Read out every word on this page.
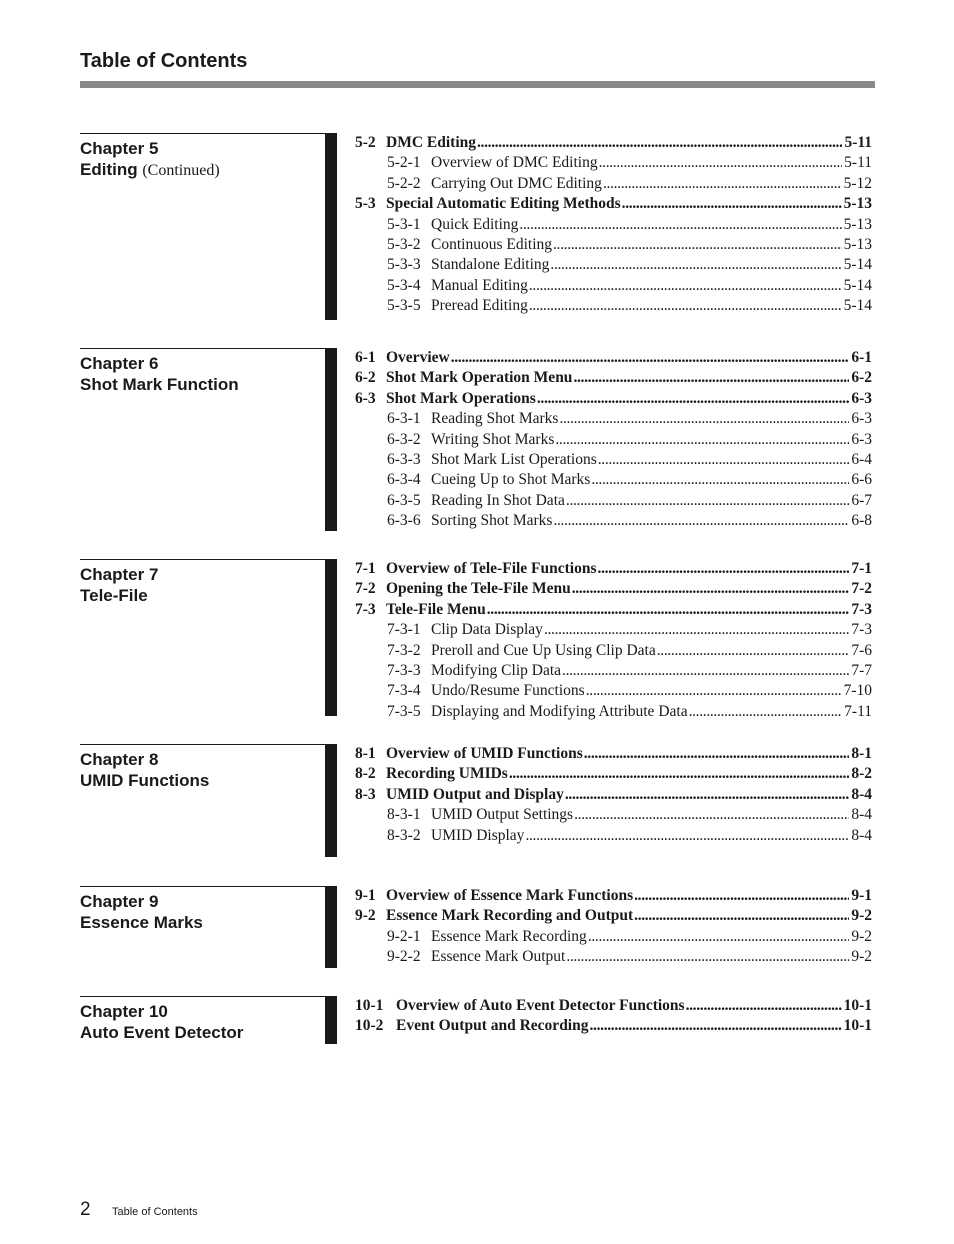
Table of Contents
Chapter 5
Editing (Continued)
5-2 DMC Editing . . .	5-11
5-2-1 Overview of DMC Editing . . .	5-11
5-2-2 Carrying Out DMC Editing . . .	5-12
5-3 Special Automatic Editing Methods . . .	5-13
5-3-1 Quick Editing . . .	5-13
5-3-2 Continuous Editing . . .	5-13
5-3-3 Standalone Editing . . .	5-14
5-3-4 Manual Editing . . .	5-14
5-3-5 Preread Editing . . .	5-14
Chapter 6
Shot Mark Function
6-1 Overview . . .	6-1
6-2 Shot Mark Operation Menu . . .	6-2
6-3 Shot Mark Operations . . .	6-3
6-3-1 Reading Shot Marks . . .	6-3
6-3-2 Writing Shot Marks . . .	6-3
6-3-3 Shot Mark List Operations . . .	6-4
6-3-4 Cueing Up to Shot Marks . . .	6-6
6-3-5 Reading In Shot Data . . .	6-7
6-3-6 Sorting Shot Marks . . .	6-8
Chapter 7
Tele-File
7-1 Overview of Tele-File Functions . . .	7-1
7-2 Opening the Tele-File Menu . . .	7-2
7-3 Tele-File Menu . . .	7-3
7-3-1 Clip Data Display . . .	7-3
7-3-2 Preroll and Cue Up Using Clip Data . . .	7-6
7-3-3 Modifying Clip Data . . .	7-7
7-3-4 Undo/Resume Functions . . .	7-10
7-3-5 Displaying and Modifying Attribute Data . . .	7-11
Chapter 8
UMID Functions
8-1 Overview of UMID Functions . . .	8-1
8-2 Recording UMIDs . . .	8-2
8-3 UMID Output and Display . . .	8-4
8-3-1 UMID Output Settings . . .	8-4
8-3-2 UMID Display . . .	8-4
Chapter 9
Essence Marks
9-1 Overview of Essence Mark Functions . . .	9-1
9-2 Essence Mark Recording and Output . . .	9-2
9-2-1 Essence Mark Recording . . .	9-2
9-2-2 Essence Mark Output . . .	9-2
Chapter 10
Auto Event Detector
10-1 Overview of Auto Event Detector Functions . . .	10-1
10-2 Event Output and Recording . . .	10-1
2 Table of Contents
